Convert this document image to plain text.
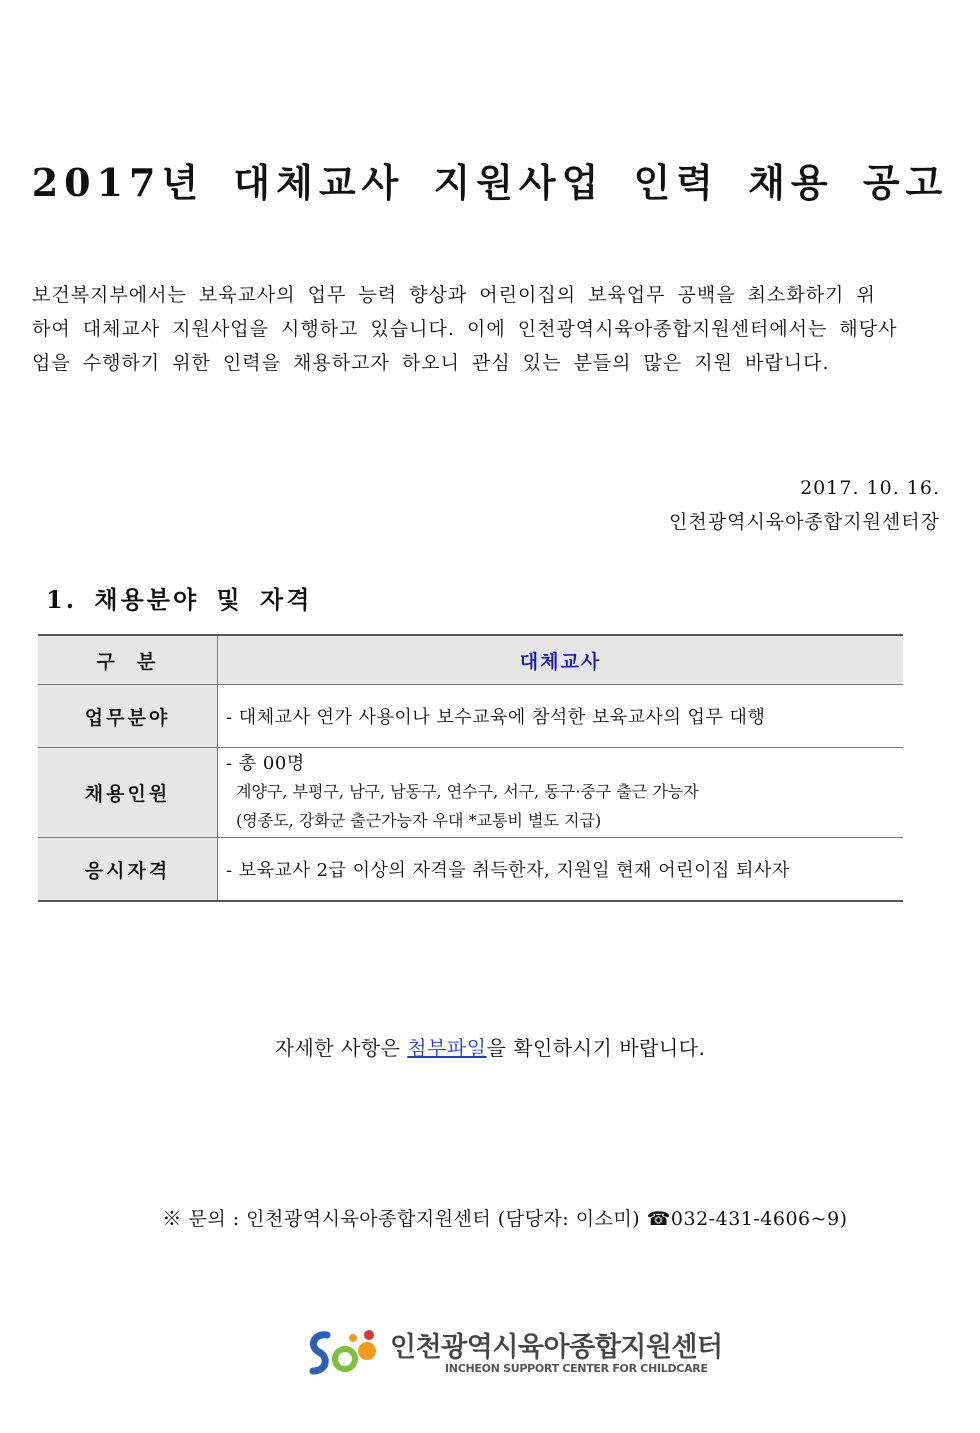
2017년 대체교사 지원사업 인력 채용 공고
보건복지부에서는 보육교사의 업무 능력 향상과 어린이집의 보육업무 공백을 최소화하기 위
하여 대체교사 지원사업을 시행하고 있습니다. 이에 인천광역시육아종합지원센터에서는 해당사
업을 수행하기 위한 인력을 채용하고자 하오니 관심 있는 분들의 많은 지원 바랍니다.
2017. 10. 16.
인천광역시육아종합지원센터장
1. 채용분야 및 자격
구  분	대체교사
업무분야	- 대체교사 연가 사용이나 보수교육에 참석한 보육교사의 업무 대행
채용인원	- 총 00명
계양구, 부평구, 남구, 남동구, 연수구, 서구, 동구·중구 출근 가능자
(영종도, 강화군 출근가능자 우대 *교통비 별도 지급)

응시자격	- 보육교사 2급 이상의 자격을 취득한자, 지원일 현재 어린이집 퇴사자
자세한 사항은 첨부파일을 확인하시기 바랍니다.
※ 문의 : 인천광역시육아종합지원센터 (담당자: 이소미) ☎032-431-4606~9)
인천광역시육아종합지원센터
INCHEON SUPPORT CENTER FOR CHILDCARE
